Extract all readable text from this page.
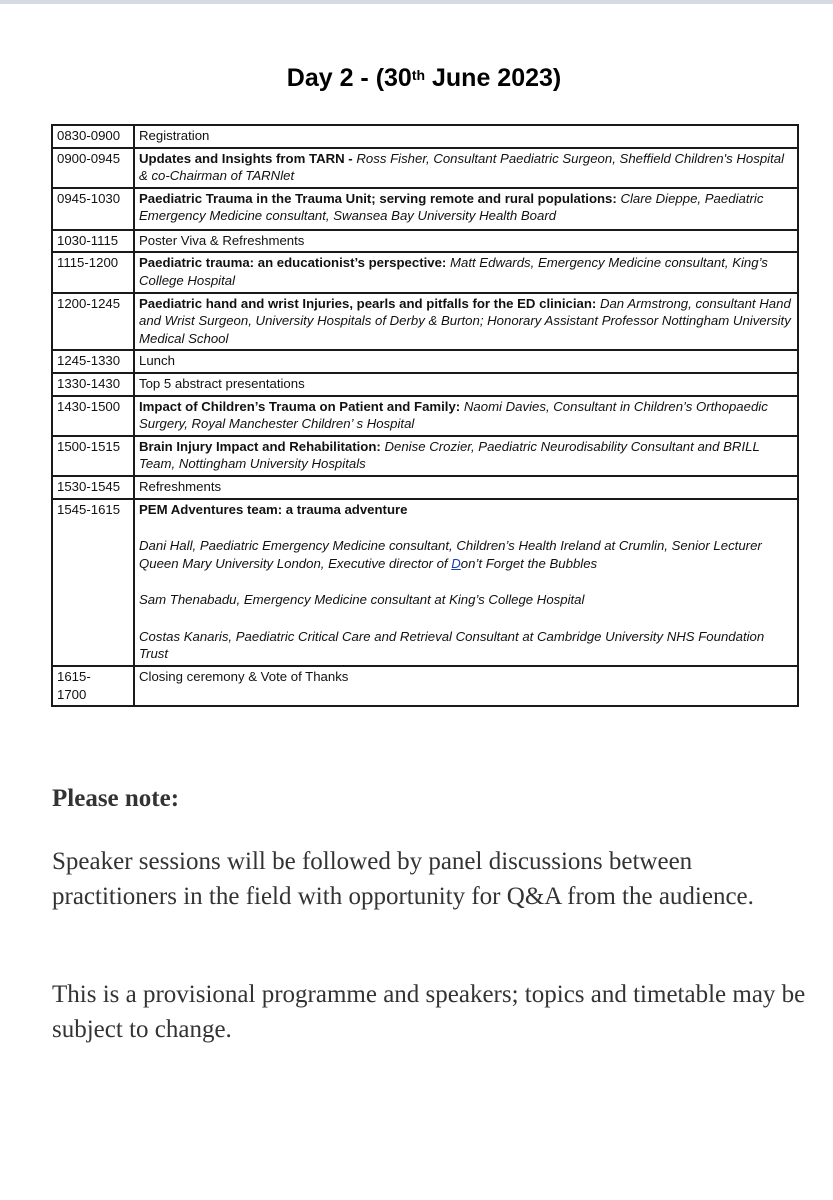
Day 2 - (30th June 2023)
0830-0900	Registration
0900-0945	Updates and Insights from TARN - Ross Fisher, Consultant Paediatric Surgeon, Sheffield Children's Hospital & co-Chairman of TARNlet
0945-1030	Paediatric Trauma in the Trauma Unit; serving remote and rural populations: Clare Dieppe, Paediatric Emergency Medicine consultant, Swansea Bay University Health Board
1030-1115	Poster Viva & Refreshments
1115-1200	Paediatric trauma: an educationist’s perspective: Matt Edwards, Emergency Medicine consultant, King’s College Hospital
1200-1245	Paediatric hand and wrist Injuries, pearls and pitfalls for the ED clinician: Dan Armstrong, consultant Hand and Wrist Surgeon, University Hospitals of Derby & Burton; Honorary Assistant Professor Nottingham University Medical School
1245-1330	Lunch
1330-1430	Top 5 abstract presentations
1430-1500	Impact of Children’s Trauma on Patient and Family: Naomi Davies, Consultant in Children’s Orthopaedic Surgery, Royal Manchester Children’ s Hospital
1500-1515	Brain Injury Impact and Rehabilitation: Denise Crozier, Paediatric Neurodisability Consultant and BRILL Team, Nottingham University Hospitals
1530-1545	Refreshments
1545-1615	PEM Adventures team: a trauma adventure
Dani Hall, Paediatric Emergency Medicine consultant, Children’s Health Ireland at Crumlin, Senior Lecturer Queen Mary University London, Executive director of Don’t Forget the Bubbles
Sam Thenabadu, Emergency Medicine consultant at King’s College Hospital
Costas Kanaris, Paediatric Critical Care and Retrieval Consultant at Cambridge University NHS Foundation Trust

1615-1700	Closing ceremony & Vote of Thanks
Please note:

Speaker sessions will be followed by panel discussions between practitioners in the field with opportunity for Q&A from the audience.

This is a provisional programme and speakers; topics and timetable may be subject to change.
